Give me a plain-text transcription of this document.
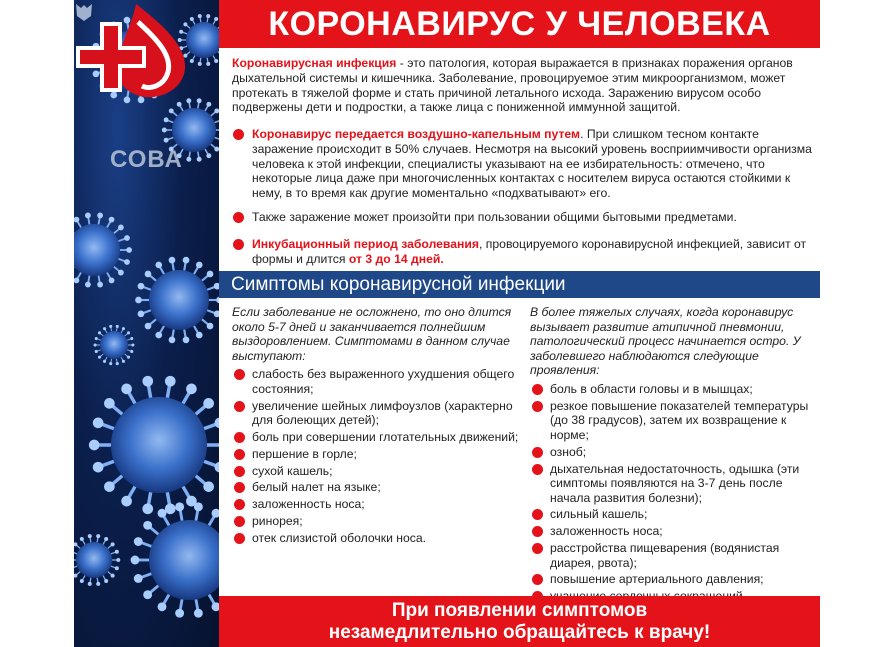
СОВА
КОРОНАВИРУС У ЧЕЛОВЕКА
Коронавирусная инфекция - это патология, которая выражается в признаках поражения органов дыхательной системы и кишечника. Заболевание, провоцируемое этим микроорганизмом, может протекать в тяжелой форме и стать причиной летального исхода. Заражению вирусом особо подвержены дети и подростки, а также лица с пониженной иммунной защитой.
Коронавирус передается воздушно-капельным путем. При слишком тесном контакте заражение происходит в 50% случаев. Несмотря на высокий уровень восприимчивости организма человека к этой инфекции, специалисты указывают на ее избирательность: отмечено, что некоторые лица даже при многочисленных контактах с носителем вируса остаются стойкими к нему, в то время как другие моментально «подхватывают» его.
Также заражение может произойти при пользовании общими бытовыми предметами.
Инкубационный период заболевания, провоцируемого коронавирусной инфекцией, зависит от формы и длится от 3 до 14 дней.
Симптомы коронавирусной инфекции
Если заболевание не осложнено, то оно длится около 5-7 дней и заканчивается полнейшим выздоровлением. Симптомами в данном случае выступают:
слабость без выраженного ухудшения общего состояния;
увеличение шейных лимфоузлов (характерно для болеющих детей);
боль при совершении глотательных движений;
першение в горле;
сухой кашель;
белый налет на языке;
заложенность носа;
ринорея;
отек слизистой оболочки носа.
В более тяжелых случаях, когда коронавирус вызывает развитие атипичной пневмонии, патологический процесс начинается остро. У заболевшего наблюдаются следующие проявления:
боль в области головы и в мышцах;
резкое повышение показателей температуры (до 38 градусов), затем их возвращение к норме;
озноб;
дыхательная недостаточность, одышка (эти симптомы появляются на 3-7 день после начала развития болезни);
сильный кашель;
заложенность носа;
расстройства пищеварения (водянистая диарея, рвота);
повышение артериального давления;
При появлении симптомов
незамедлительно обращайтесь к врачу!
